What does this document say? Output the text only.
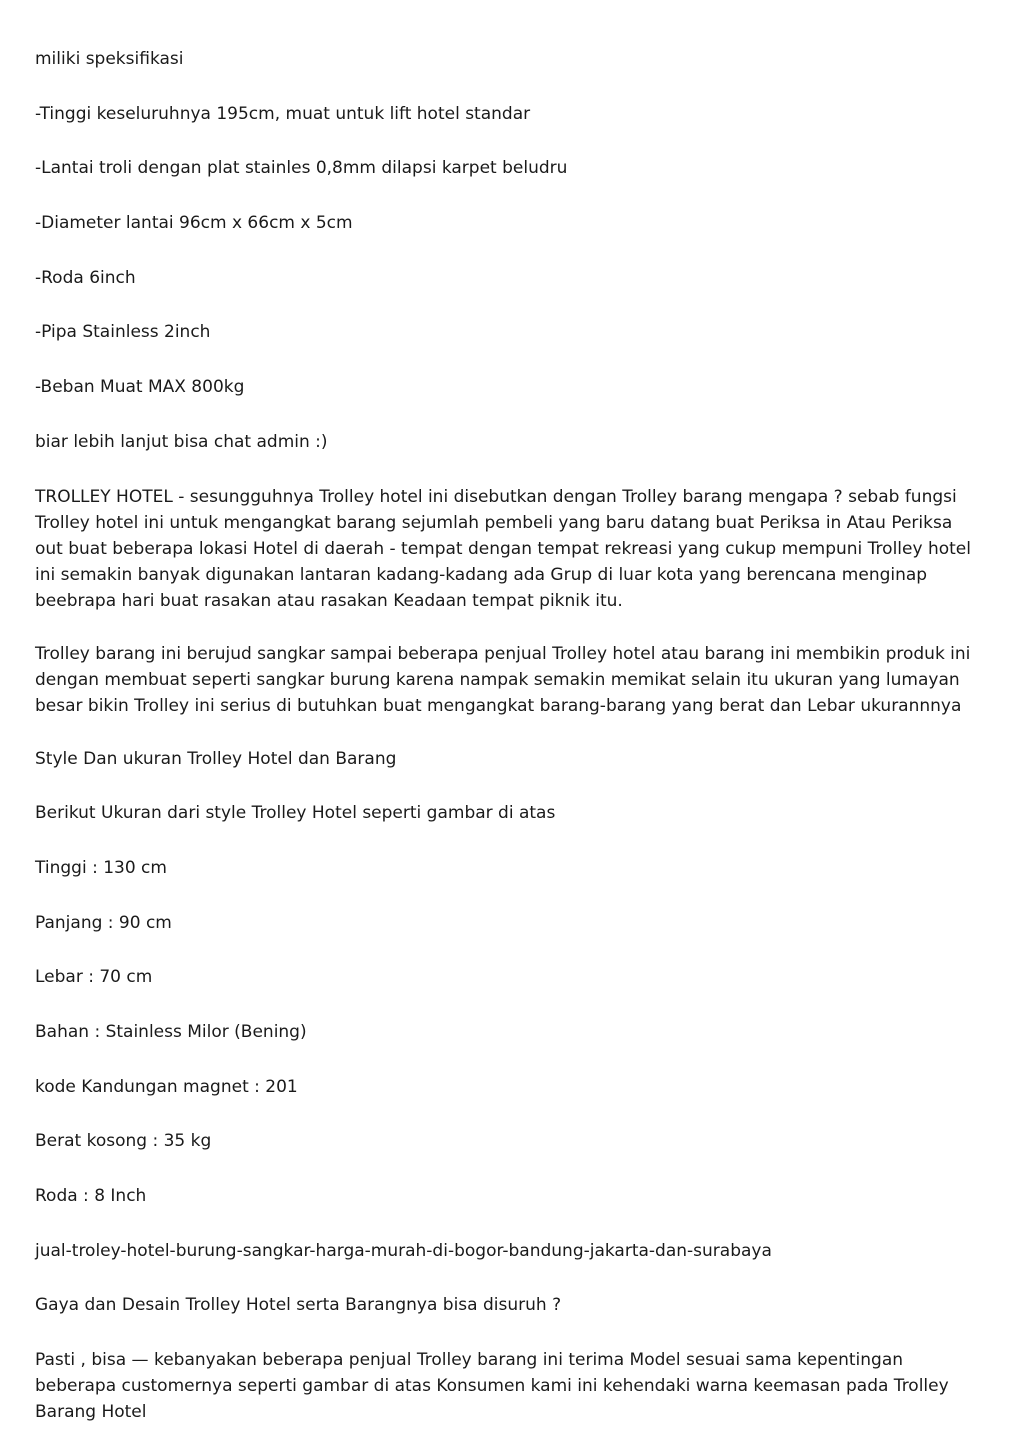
miliki speksifikasi

-Tinggi keseluruhnya 195cm, muat untuk lift hotel standar

-Lantai troli dengan plat stainles 0,8mm dilapsi karpet beludru

-Diameter lantai 96cm x 66cm x 5cm

-Roda 6inch

-Pipa Stainless 2inch

-Beban Muat MAX 800kg

biar lebih lanjut bisa chat admin :)

TROLLEY HOTEL - sesungguhnya Trolley hotel ini disebutkan dengan Trolley barang mengapa ? sebab fungsi Trolley hotel ini untuk mengangkat barang sejumlah pembeli yang baru datang buat Periksa in Atau Periksa out buat beberapa lokasi Hotel di daerah - tempat dengan tempat rekreasi yang cukup mempuni Trolley hotel ini semakin banyak digunakan lantaran kadang-kadang ada Grup di luar kota yang berencana menginap beebrapa hari buat rasakan atau rasakan Keadaan tempat piknik itu.

Trolley barang ini berujud sangkar sampai beberapa penjual Trolley hotel atau barang ini membikin produk ini dengan membuat seperti sangkar burung karena nampak semakin memikat selain itu ukuran yang lumayan besar bikin Trolley ini serius di butuhkan buat mengangkat barang-barang yang berat dan Lebar ukurannnya

Style Dan ukuran Trolley Hotel dan Barang

Berikut Ukuran dari style Trolley Hotel seperti gambar di atas

Tinggi : 130 cm

Panjang : 90 cm

Lebar : 70 cm

Bahan : Stainless Milor (Bening)

kode Kandungan magnet : 201

Berat kosong : 35 kg

Roda : 8 Inch

jual-troley-hotel-burung-sangkar-harga-murah-di-bogor-bandung-jakarta-dan-surabaya

Gaya dan Desain Trolley Hotel serta Barangnya bisa disuruh ?

Pasti , bisa — kebanyakan beberapa penjual Trolley barang ini terima Model sesuai sama kepentingan beberapa customernya seperti gambar di atas Konsumen kami ini kehendaki warna keemasan pada Trolley Barang Hotel
